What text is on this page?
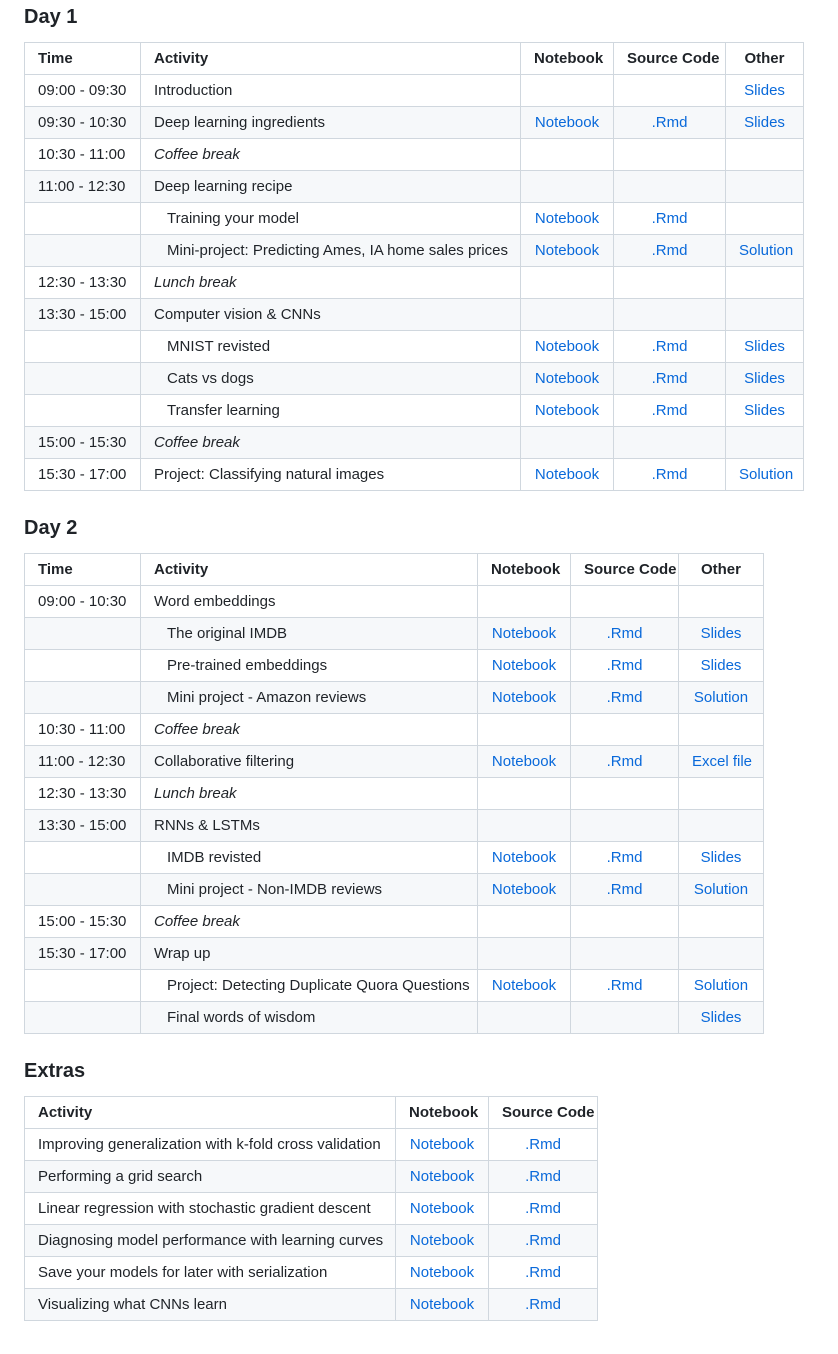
Day 1
Time	Activity	Notebook	Source Code	Other
09:00 - 09:30	Introduction			Slides
09:30 - 10:30	Deep learning ingredients	Notebook	.Rmd	Slides
10:30 - 11:00	Coffee break			
11:00 - 12:30	Deep learning recipe			
	Training your model	Notebook	.Rmd	
	Mini-project: Predicting Ames, IA home sales prices	Notebook	.Rmd	Solution
12:30 - 13:30	Lunch break			
13:30 - 15:00	Computer vision & CNNs			
	MNIST revisted	Notebook	.Rmd	Slides
	Cats vs dogs	Notebook	.Rmd	Slides
	Transfer learning	Notebook	.Rmd	Slides
15:00 - 15:30	Coffee break			
15:30 - 17:00	Project: Classifying natural images	Notebook	.Rmd	Solution
Day 2
Time	Activity	Notebook	Source Code	Other
09:00 - 10:30	Word embeddings			
	The original IMDB	Notebook	.Rmd	Slides
	Pre-trained embeddings	Notebook	.Rmd	Slides
	Mini project - Amazon reviews	Notebook	.Rmd	Solution
10:30 - 11:00	Coffee break			
11:00 - 12:30	Collaborative filtering	Notebook	.Rmd	Excel file
12:30 - 13:30	Lunch break			
13:30 - 15:00	RNNs & LSTMs			
	IMDB revisted	Notebook	.Rmd	Slides
	Mini project - Non-IMDB reviews	Notebook	.Rmd	Solution
15:00 - 15:30	Coffee break			
15:30 - 17:00	Wrap up			
	Project: Detecting Duplicate Quora Questions	Notebook	.Rmd	Solution
	Final words of wisdom			Slides
Extras
Activity	Notebook	Source Code
Improving generalization with k-fold cross validation	Notebook	.Rmd
Performing a grid search	Notebook	.Rmd
Linear regression with stochastic gradient descent	Notebook	.Rmd
Diagnosing model performance with learning curves	Notebook	.Rmd
Save your models for later with serialization	Notebook	.Rmd
Visualizing what CNNs learn	Notebook	.Rmd
